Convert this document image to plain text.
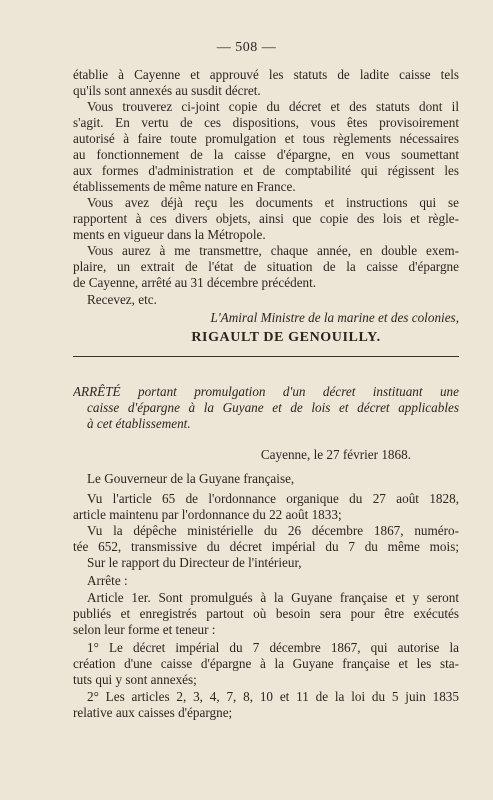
— 508 —
établie à Cayenne et approuvé les statuts de ladite caisse tels
qu'ils sont annexés au susdit décret.
Vous trouverez ci-joint copie du décret et des statuts dont il
s'agit. En vertu de ces dispositions, vous êtes provisoirement
autorisé à faire toute promulgation et tous règlements nécessaires
au fonctionnement de la caisse d'épargne, en vous soumettant
aux formes d'administration et de comptabilité qui régissent les
établissements de même nature en France.
Vous avez déjà reçu les documents et instructions qui se
rapportent à ces divers objets, ainsi que copie des lois et règle-
ments en vigueur dans la Métropole.
Vous aurez à me transmettre, chaque année, en double exem-
plaire, un extrait de l'état de situation de la caisse d'épargne
de Cayenne, arrêté au 31 décembre précédent.
Recevez, etc.
L'Amiral Ministre de la marine et des colonies,
RIGAULT DE GENOUILLY.
ARRÊTÉ portant promulgation d'un décret instituant une
caisse d'épargne à la Guyane et de lois et décret applicables
à cet établissement.
Cayenne, le 27 février 1868.
Le Gouverneur de la Guyane française,
Vu l'article 65 de l'ordonnance organique du 27 août 1828,
article maintenu par l'ordonnance du 22 août 1833;
Vu la dépêche ministérielle du 26 décembre 1867, numéro-
tée 652, transmissive du décret impérial du 7 du même mois;
Sur le rapport du Directeur de l'intérieur,
Arrête :
Article 1er. Sont promulgués à la Guyane française et y seront
publiés et enregistrés partout où besoin sera pour être exécutés
selon leur forme et teneur :
1° Le décret impérial du 7 décembre 1867, qui autorise la
création d'une caisse d'épargne à la Guyane française et les sta-
tuts qui y sont annexés;
2° Les articles 2, 3, 4, 7, 8, 10 et 11 de la loi du 5 juin 1835
relative aux caisses d'épargne;
